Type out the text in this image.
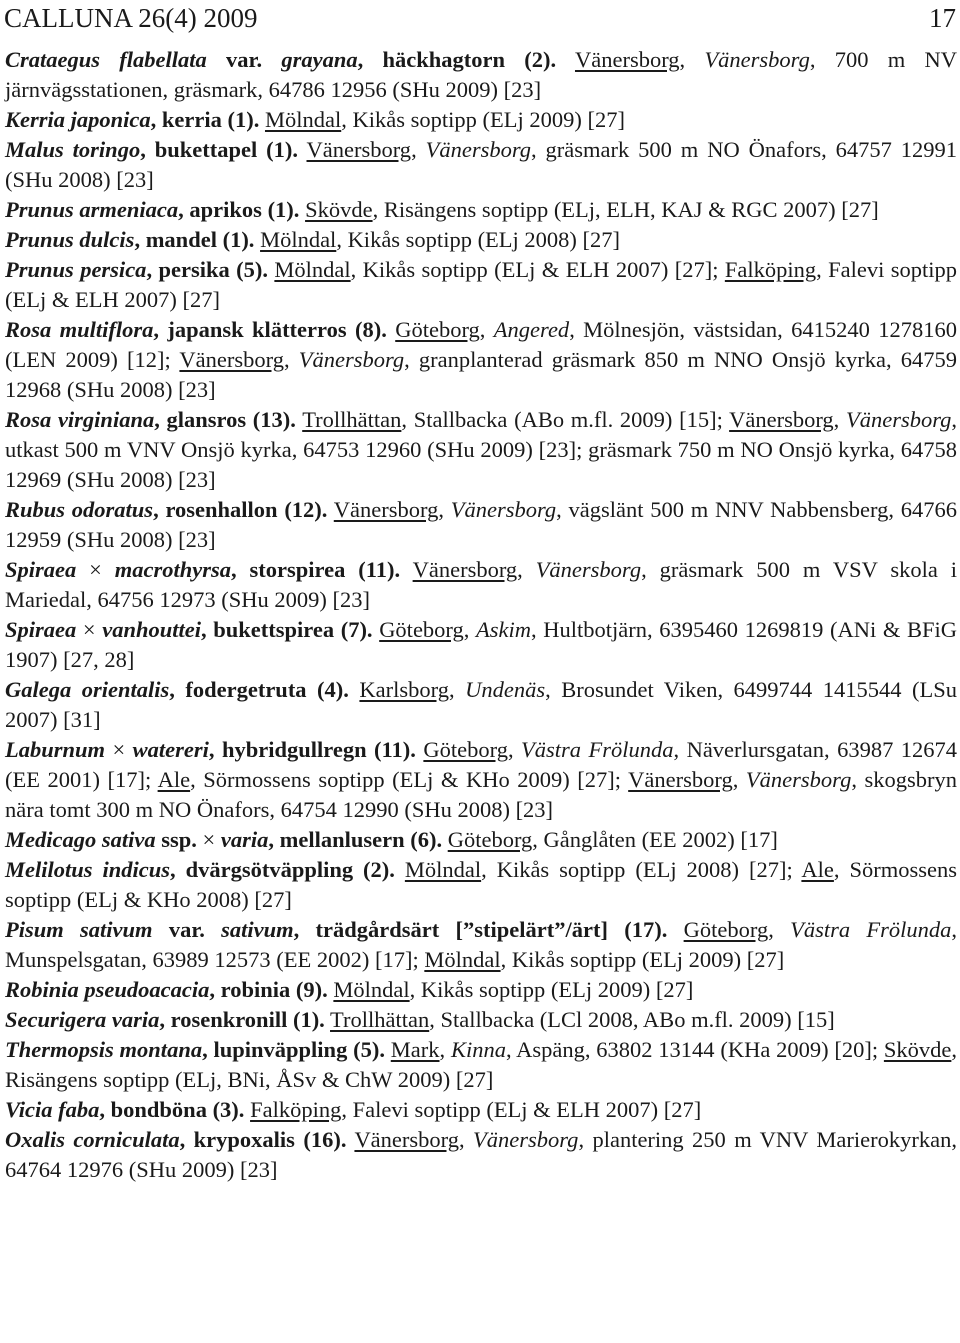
CALLUNA 26(4) 2009	17

Crataegus flabellata var. grayana, häckhagtorn (2). Vänersborg, Vänersborg, 700 m NV järnvägsstationen, gräsmark, 64786 12956 (SHu 2009) [23]

Kerria japonica, kerria (1). Mölndal, Kikås soptipp (ELj 2009) [27]

Malus toringo, bukettapel (1). Vänersborg, Vänersborg, gräsmark 500 m NO Önafors, 64757 12991 (SHu 2008) [23]

Prunus armeniaca, aprikos (1). Skövde, Risängens soptipp (ELj, ELH, KAJ & RGC 2007) [27]

Prunus dulcis, mandel (1). Mölndal, Kikås soptipp (ELj 2008) [27]

Prunus persica, persika (5). Mölndal, Kikås soptipp (ELj & ELH 2007) [27]; Falköping, Falevi soptipp (ELj & ELH 2007) [27]

Rosa multiflora, japansk klätterros (8). Göteborg, Angered, Mölnesjön, västsidan, 6415240 1278160 (LEN 2009) [12]; Vänersborg, Vänersborg, granplanterad gräsmark 850 m NNO Onsjö kyrka, 64759 12968 (SHu 2008) [23]

Rosa virginiana, glansros (13). Trollhättan, Stallbacka (ABo m.fl. 2009) [15]; Vänersborg, Vänersborg, utkast 500 m VNV Onsjö kyrka, 64753 12960 (SHu 2009) [23]; gräsmark 750 m NO Onsjö kyrka, 64758 12969 (SHu 2008) [23]

Rubus odoratus, rosenhallon (12). Vänersborg, Vänersborg, vägslänt 500 m NNV Nabbensberg, 64766 12959 (SHu 2008) [23]

Spiraea × macrothyrsa, storspirea (11). Vänersborg, Vänersborg, gräsmark 500 m VSV skola i Mariedal, 64756 12973 (SHu 2009) [23]

Spiraea × vanhouttei, bukettspirea (7). Göteborg, Askim, Hultbotjärn, 6395460 1269819 (ANi & BFiG 1907) [27, 28]

Galega orientalis, fodergetruta (4). Karlsborg, Undenäs, Brosundet Viken, 6499744 1415544 (LSu 2007) [31]

Laburnum × watereri, hybridgullregn (11). Göteborg, Västra Frölunda, Näverlursgatan, 63987 12674 (EE 2001) [17]; Ale, Sörmossens soptipp (ELj & KHo 2009) [27]; Vänersborg, Vänersborg, skogsbryn nära tomt 300 m NO Önafors, 64754 12990 (SHu 2008) [23]

Medicago sativa ssp. × varia, mellanlusern (6). Göteborg, Gånglåten (EE 2002) [17]

Melilotus indicus, dvärgsötväppling (2). Mölndal, Kikås soptipp (ELj 2008) [27]; Ale, Sörmossens soptipp (ELj & KHo 2008) [27]

Pisum sativum var. sativum, trädgårdsärt [”stipelärt”/ärt] (17). Göteborg, Västra Frölunda, Munspelsgatan, 63989 12573 (EE 2002) [17]; Mölndal, Kikås soptipp (ELj 2009) [27]

Robinia pseudoacacia, robinia (9). Mölndal, Kikås soptipp (ELj 2009) [27]

Securigera varia, rosenkronill (1). Trollhättan, Stallbacka (LCl 2008, ABo m.fl. 2009) [15]

Thermopsis montana, lupinväppling (5). Mark, Kinna, Aspäng, 63802 13144 (KHa 2009) [20]; Skövde, Risängens soptipp (ELj, BNi, ÅSv & ChW 2009) [27]

Vicia faba, bondböna (3). Falköping, Falevi soptipp (ELj & ELH 2007) [27]

Oxalis corniculata, krypoxalis (16). Vänersborg, Vänersborg, plantering 250 m VNV Marierokyrkan, 64764 12976 (SHu 2009) [23]
